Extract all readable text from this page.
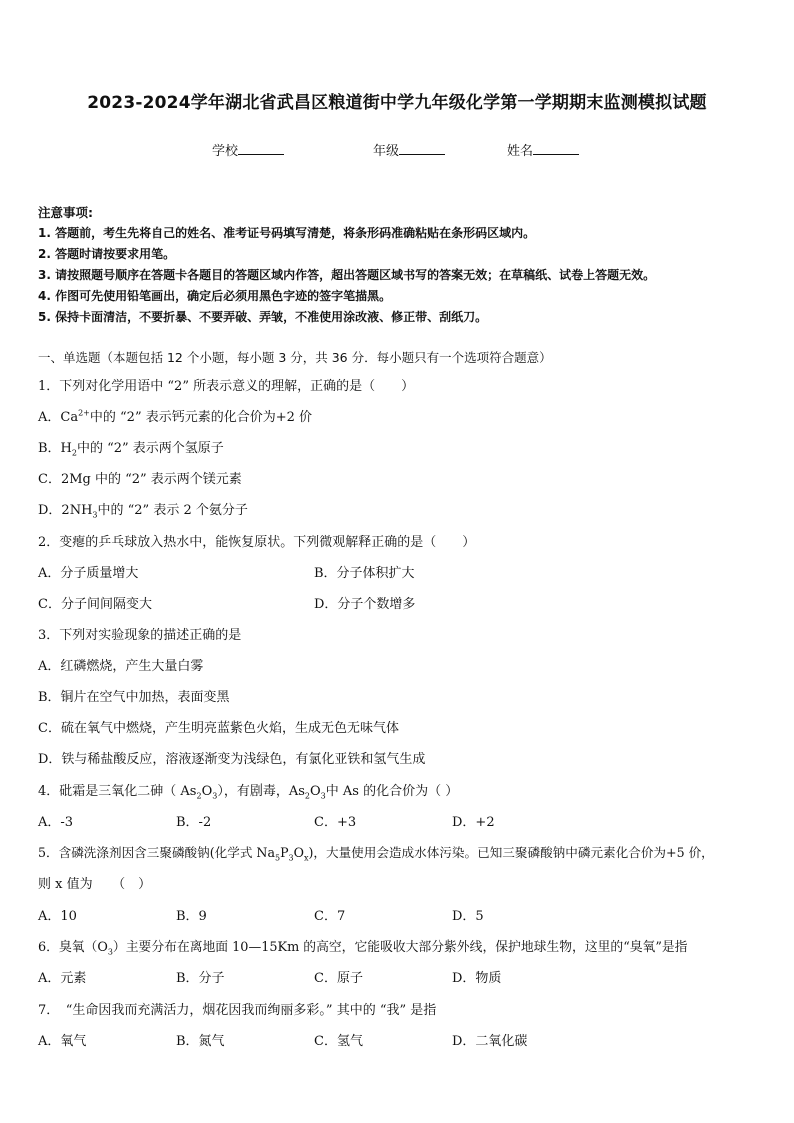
2023-2024学年湖北省武昌区粮道街中学九年级化学第一学期期末监测模拟试题
学校	年级	姓名
注意事项:
1. 答题前，考生先将自己的姓名、准考证号码填写清楚，将条形码准确粘贴在条形码区域内。
2. 答题时请按要求用笔。
3. 请按照题号顺序在答题卡各题目的答题区域内作答，超出答题区域书写的答案无效；在草稿纸、试卷上答题无效。
4. 作图可先使用铅笔画出，确定后必须用黑色字迹的签字笔描黑。
5. 保持卡面清洁，不要折暴、不要弄破、弄皱，不准使用涂改液、修正带、刮纸刀。
一、单选题（本题包括 12 个小题，每小题 3 分，共 36 分．每小题只有一个选项符合题意）
1．下列对化学用语中 “2” 所表示意义的理解，正确的是（　　）
A．$Ca^{2+}$中的 “2” 表示钙元素的化合价为+2 价
B．$H_2$中的 “2” 表示两个氢原子
C．2Mg 中的 “2” 表示两个镁元素
D．$2NH_3$中的 “2” 表示 2 个氨分子
2．变瘪的乒乓球放入热水中，能恢复原状。下列微观解释正确的是（　　）
A．分子质量增大	B．分子体积扩大
C．分子间间隔变大	D．分子个数增多
3．下列对实验现象的描述正确的是
A．红磷燃烧，产生大量白雾
B．铜片在空气中加热，表面变黑
C．硫在氧气中燃烧，产生明亮蓝紫色火焰，生成无色无味气体
D．铁与稀盐酸反应，溶液逐渐变为浅绿色，有氯化亚铁和氢气生成
4．砒霜是三氧化二砷（ $As_2O_3$），有剧毒，$As_2O_3$中 As 的化合价为（ ）
A．-3	B．-2	C．+3	D．+2
5．含磷洗涤剂因含三聚磷酸钠(化学式 $Na_5P_3O_x$)，大量使用会造成水体污染。已知三聚磷酸钠中磷元素化合价为+5 价，
则 x 值为　　（　）
A．10	B．9	C．7	D．5
6．臭氧$(O_3)$主要分布在离地面 10—15Km 的高空，它能吸收大部分紫外线，保护地球生物，这里的“臭氧”是指
A．元素	B．分子	C．原子	D．物质
7．　“生命因我而充满活力，烟花因我而绚丽多彩。” 其中的 “我” 是指
A．氧气	B．氮气	C．氢气	D．二氧化碳
